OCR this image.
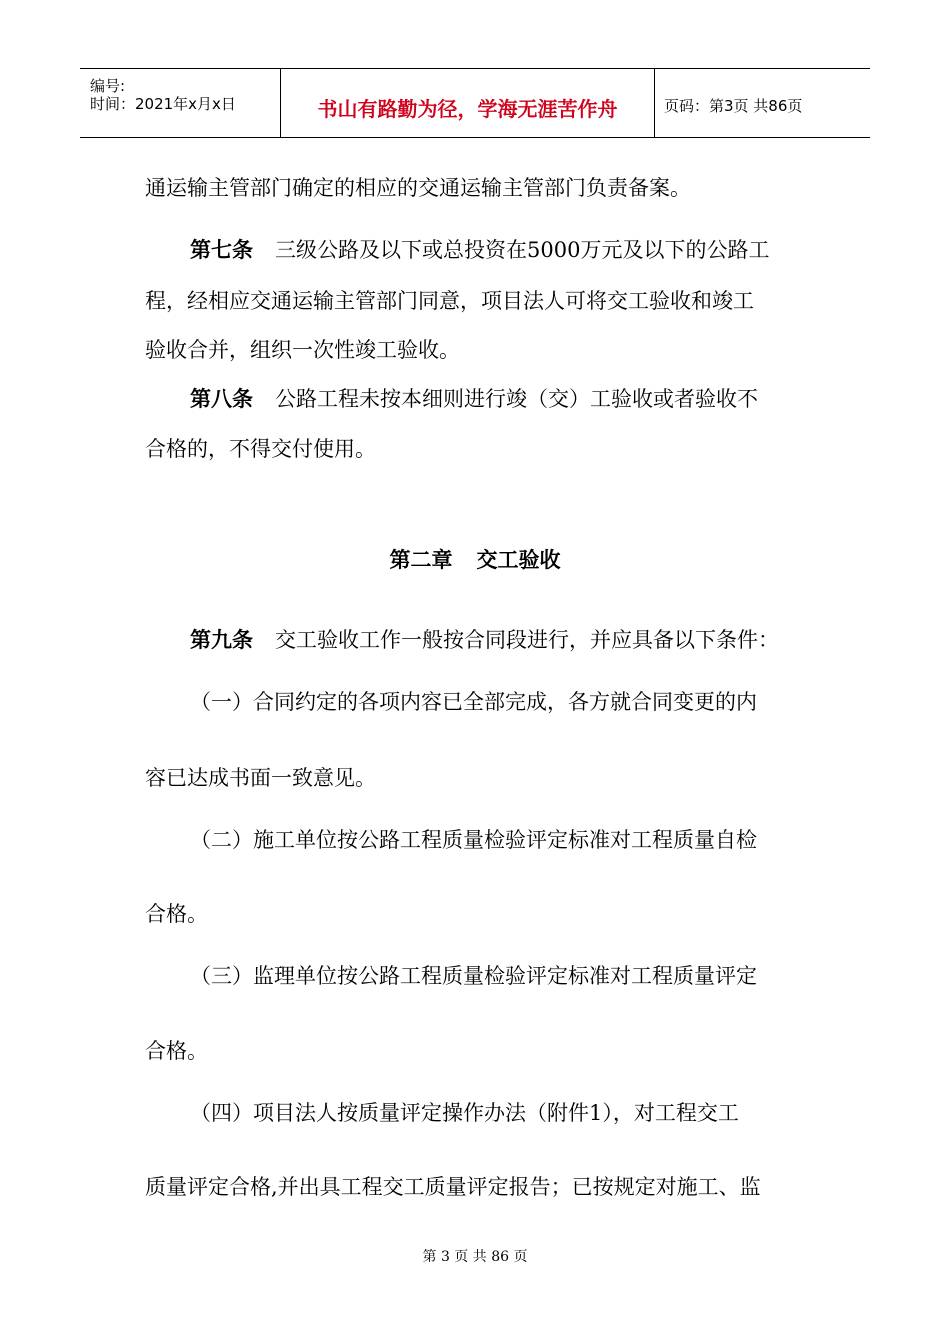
编号:
时间：2021年x月x日	书山有路勤为径，学海无涯苦作舟	页码：第3页 共86页
通运输主管部门确定的相应的交通运输主管部门负责备案。
第七条 三级公路及以下或总投资在5000万元及以下的公路工
程，经相应交通运输主管部门同意，项目法人可将交工验收和竣工
验收合并，组织一次性竣工验收。
第八条 公路工程未按本细则进行竣（交）工验收或者验收不
合格的，不得交付使用。
第二章 交工验收
第九条 交工验收工作一般按合同段进行，并应具备以下条件：
（一）合同约定的各项内容已全部完成，各方就合同变更的内
容已达成书面一致意见。
（二）施工单位按公路工程质量检验评定标准对工程质量自检
合格。
（三）监理单位按公路工程质量检验评定标准对工程质量评定
合格。
（四）项目法人按质量评定操作办法（附件1），对工程交工
质量评定合格,并出具工程交工质量评定报告；已按规定对施工、监
第 3 页 共 86 页
